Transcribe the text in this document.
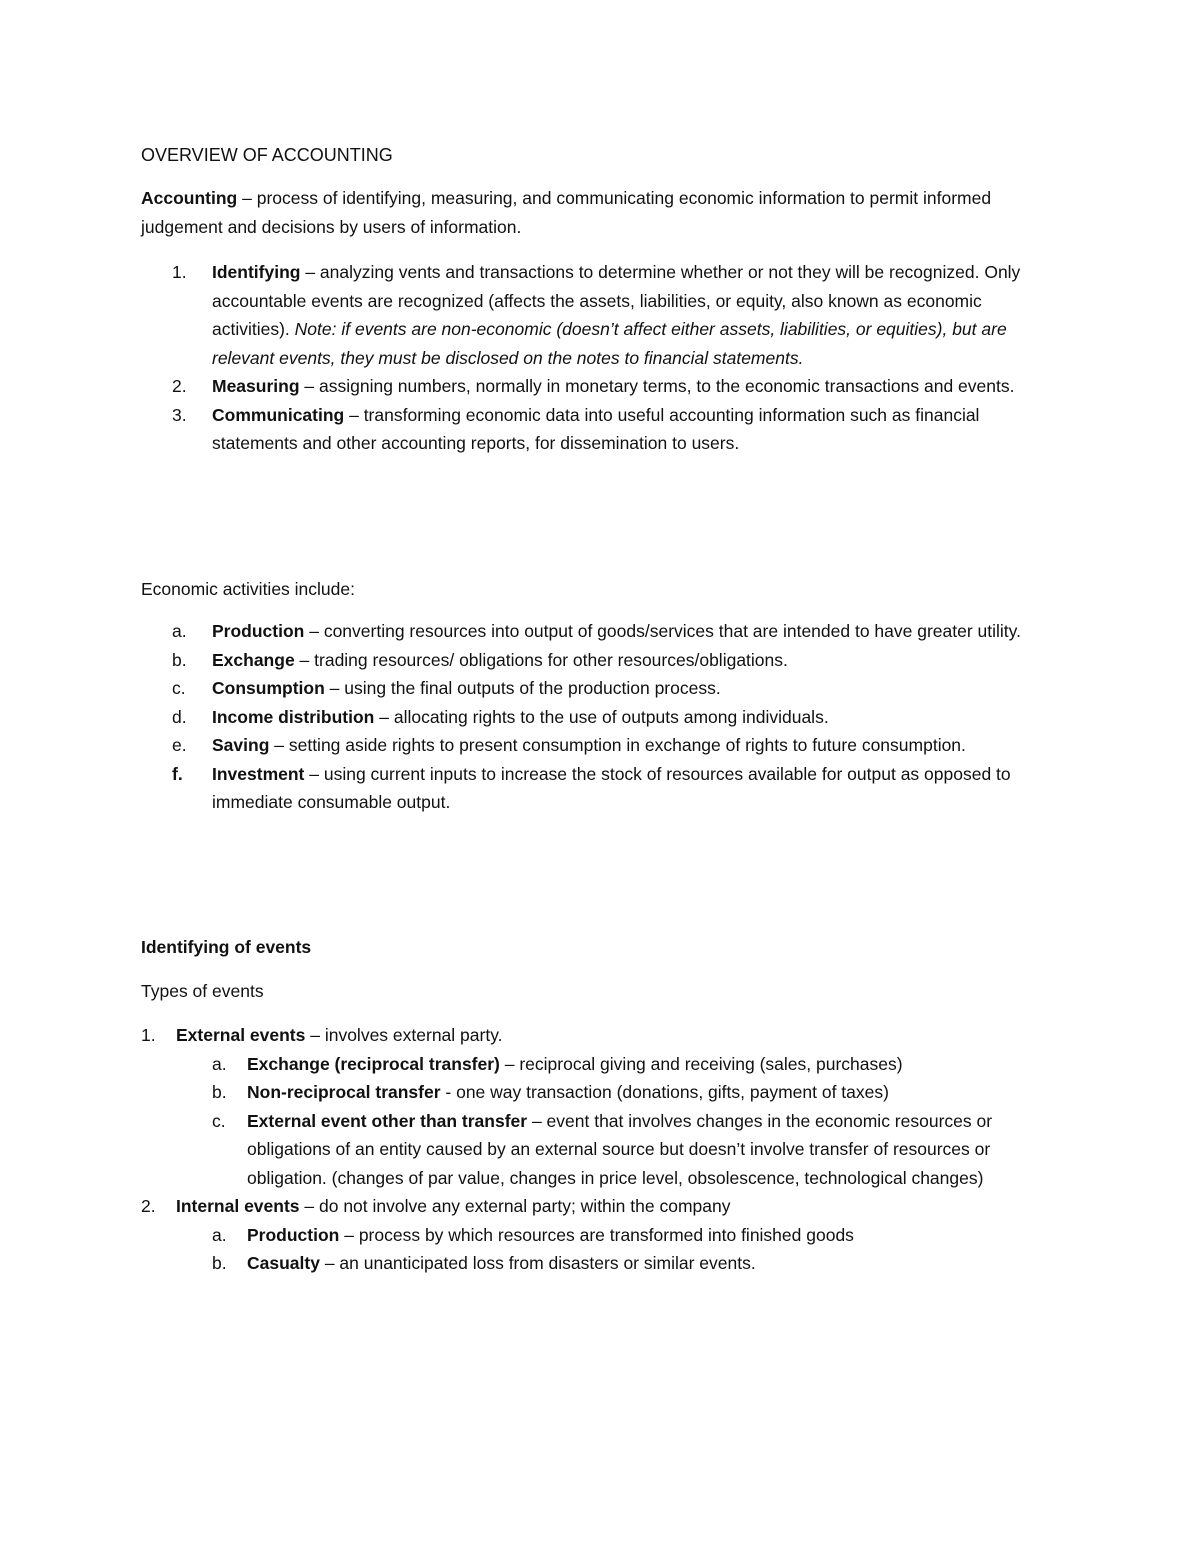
OVERVIEW OF ACCOUNTING

Accounting – process of identifying, measuring, and communicating economic information to permit informed judgement and decisions by users of information.

1.	Identifying – analyzing vents and transactions to determine whether or not they will be recognized. Only accountable events are recognized (affects the assets, liabilities, or equity, also known as economic activities). Note: if events are non-economic (doesn’t affect either assets, liabilities, or equities), but are relevant events, they must be disclosed on the notes to financial statements.
2.	Measuring – assigning numbers, normally in monetary terms, to the economic transactions and events.
3.	Communicating – transforming economic data into useful accounting information such as financial statements and other accounting reports, for dissemination to users.

Economic activities include:

a.	Production – converting resources into output of goods/services that are intended to have greater utility.
b.	Exchange – trading resources/ obligations for other resources/obligations.
c.	Consumption – using the final outputs of the production process.
d.	Income distribution – allocating rights to the use of outputs among individuals.
e.	Saving – setting aside rights to present consumption in exchange of rights to future consumption.
f.	Investment – using current inputs to increase the stock of resources available for output as opposed to immediate consumable output.

Identifying of events

Types of events

1.	External events – involves external party.
a.	Exchange (reciprocal transfer) – reciprocal giving and receiving (sales, purchases)
b.	Non-reciprocal transfer - one way transaction (donations, gifts, payment of taxes)
c.	External event other than transfer – event that involves changes in the economic resources or obligations of an entity caused by an external source but doesn’t involve transfer of resources or obligation. (changes of par value, changes in price level, obsolescence, technological changes)
2.	Internal events – do not involve any external party; within the company
a.	Production – process by which resources are transformed into finished goods
b.	Casualty – an unanticipated loss from disasters or similar events.
